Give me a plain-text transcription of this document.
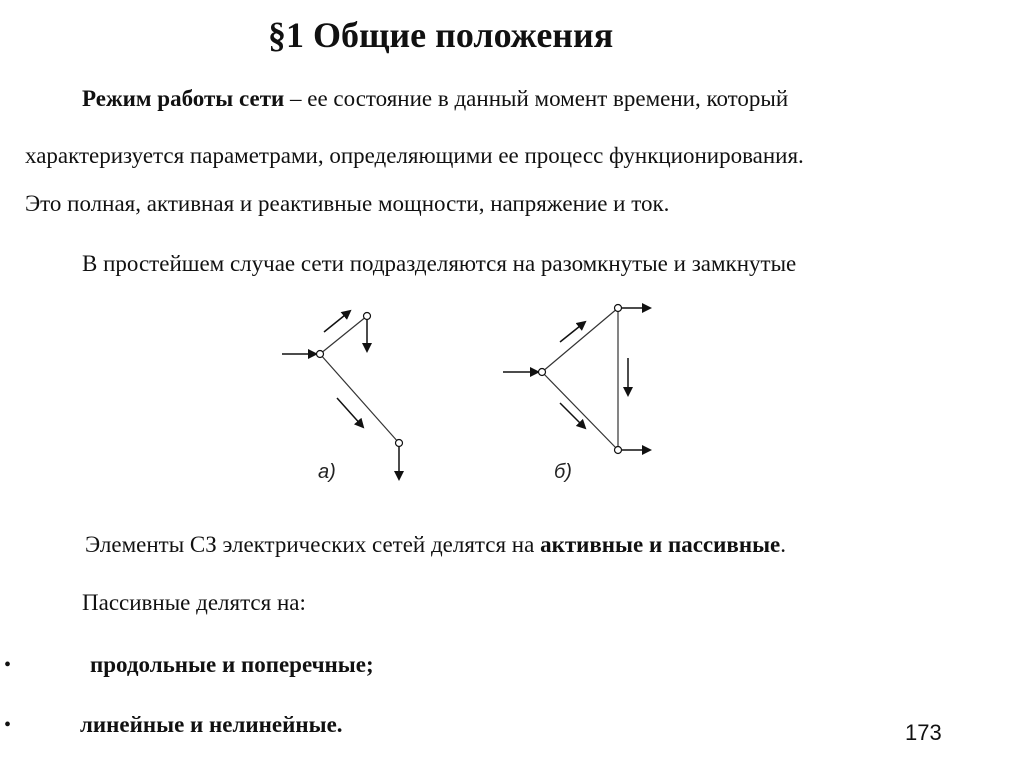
§1 Общие положения
Режим работы сети – ее состояние в данный момент времени, который
характеризуется параметрами, определяющими ее процесс функционирования.
Это полная, активная и реактивные мощности, напряжение и ток.
В простейшем случае сети подразделяются на разомкнутые и замкнутые
а)	б)
Элементы СЗ электрических сетей делятся на активные и пассивные.
Пассивные делятся на:
•	продольные и поперечные;
•	линейные и нелинейные.	173
